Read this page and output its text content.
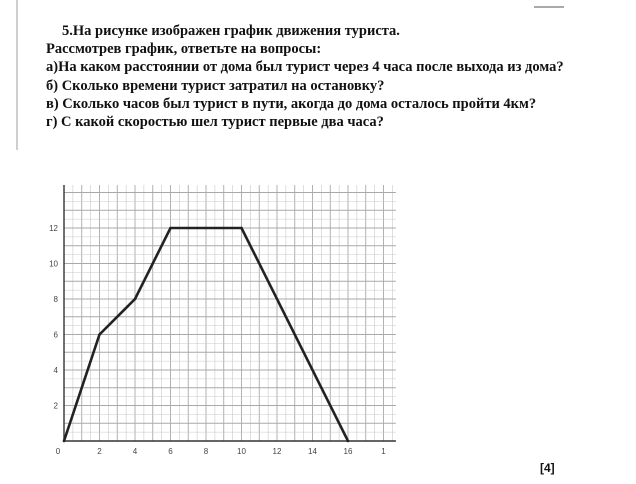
5.На рисунке изображен график движения туриста.
Рассмотрев график, ответьте на вопросы:
а)На каком расстоянии от дома был турист через 4 часа после выхода из дома?
б) Сколько времени турист затратил на остановку?
в) Сколько часов был турист в пути, акогда до дома осталось пройти 4км?
г) С какой скоростью шел турист первые два часа?
2
4
6
8
10
12
0	2	4	6	8	10	12	14	16	1
[4]
